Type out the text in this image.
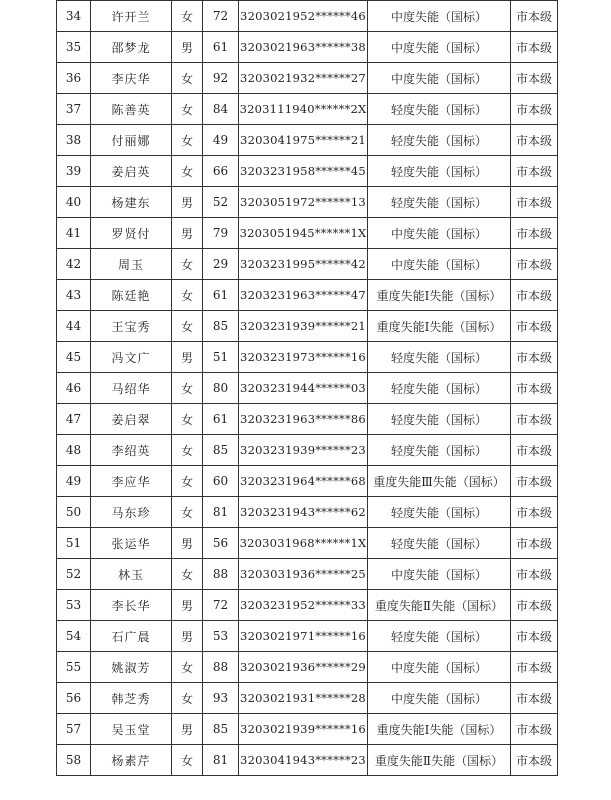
34	许开兰	女	72	3203021952******46	中度失能（国标）	市本级
35	邵梦龙	男	61	3203021963******38	中度失能（国标）	市本级
36	李庆华	女	92	3203021932******27	中度失能（国标）	市本级
37	陈善英	女	84	3203111940******2X	轻度失能（国标）	市本级
38	付丽娜	女	49	3203041975******21	轻度失能（国标）	市本级
39	姜启英	女	66	3203231958******45	轻度失能（国标）	市本级
40	杨建东	男	52	3203051972******13	轻度失能（国标）	市本级
41	罗贤付	男	79	3203051945******1X	中度失能（国标）	市本级
42	周玉	女	29	3203231995******42	中度失能（国标）	市本级
43	陈廷艳	女	61	3203231963******47	重度失能Ⅰ失能（国标）	市本级
44	王宝秀	女	85	3203231939******21	重度失能Ⅰ失能（国标）	市本级
45	冯文广	男	51	3203231973******16	轻度失能（国标）	市本级
46	马绍华	女	80	3203231944******03	轻度失能（国标）	市本级
47	姜启翠	女	61	3203231963******86	轻度失能（国标）	市本级
48	李绍英	女	85	3203231939******23	轻度失能（国标）	市本级
49	李应华	女	60	3203231964******68	重度失能Ⅲ失能（国标）	市本级
50	马东珍	女	81	3203231943******62	轻度失能（国标）	市本级
51	张运华	男	56	3203031968******1X	轻度失能（国标）	市本级
52	林玉	女	88	3203031936******25	中度失能（国标）	市本级
53	李长华	男	72	3203231952******33	重度失能Ⅱ失能（国标）	市本级
54	石广晨	男	53	3203021971******16	轻度失能（国标）	市本级
55	姚淑芳	女	88	3203021936******29	中度失能（国标）	市本级
56	韩芝秀	女	93	3203021931******28	中度失能（国标）	市本级
57	吴玉堂	男	85	3203021939******16	重度失能Ⅰ失能（国标）	市本级
58	杨素芹	女	81	3203041943******23	重度失能Ⅱ失能（国标）	市本级
